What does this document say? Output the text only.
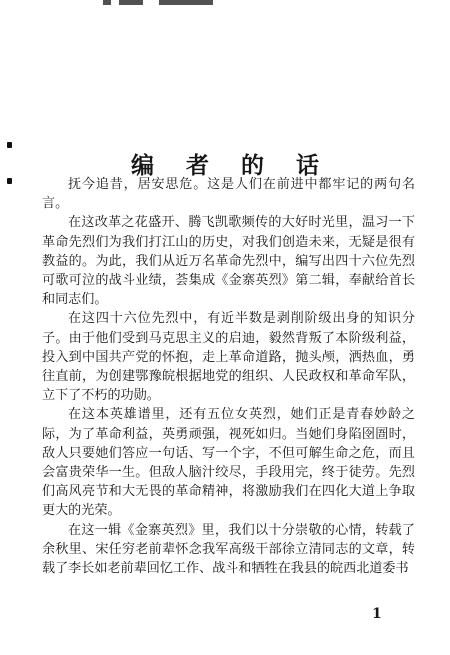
编 者 的 话

抚今追昔，居安思危。这是人们在前进中都牢记的两句名言。

在这改革之花盛开、腾飞凯歌频传的大好时光里，温习一下革命先烈们为我们打江山的历史，对我们创造未来，无疑是很有教益的。为此，我们从近万名革命先烈中，编写出四十六位先烈可歌可泣的战斗业绩，荟集成《金寨英烈》第二辑，奉献给首长和同志们。

在这四十六位先烈中，有近半数是剥削阶级出身的知识分子。由于他们受到马克思主义的启迪，毅然背叛了本阶级利益，投入到中国共产党的怀抱，走上革命道路，抛头颅，洒热血，勇往直前，为创建鄂豫皖根据地党的组织、人民政权和革命军队，立下了不朽的功勋。

在这本英雄谱里，还有五位女英烈，她们正是青春妙龄之际，为了革命利益，英勇顽强，视死如归。当她们身陷囹圄时，敌人只要她们答应一句话、写一个字，不但可解生命之危，而且会富贵荣华一生。但敌人脑汁绞尽，手段用完，终于徒劳。先烈们高风亮节和大无畏的革命精神，将激励我们在四化大道上争取更大的光荣。

在这一辑《金寨英烈》里，我们以十分崇敬的心情，转载了余秋里、宋任穷老前辈怀念我军高级干部徐立清同志的文章，转载了李长如老前辈回忆工作、战斗和牺牲在我县的皖西北道委书

1
